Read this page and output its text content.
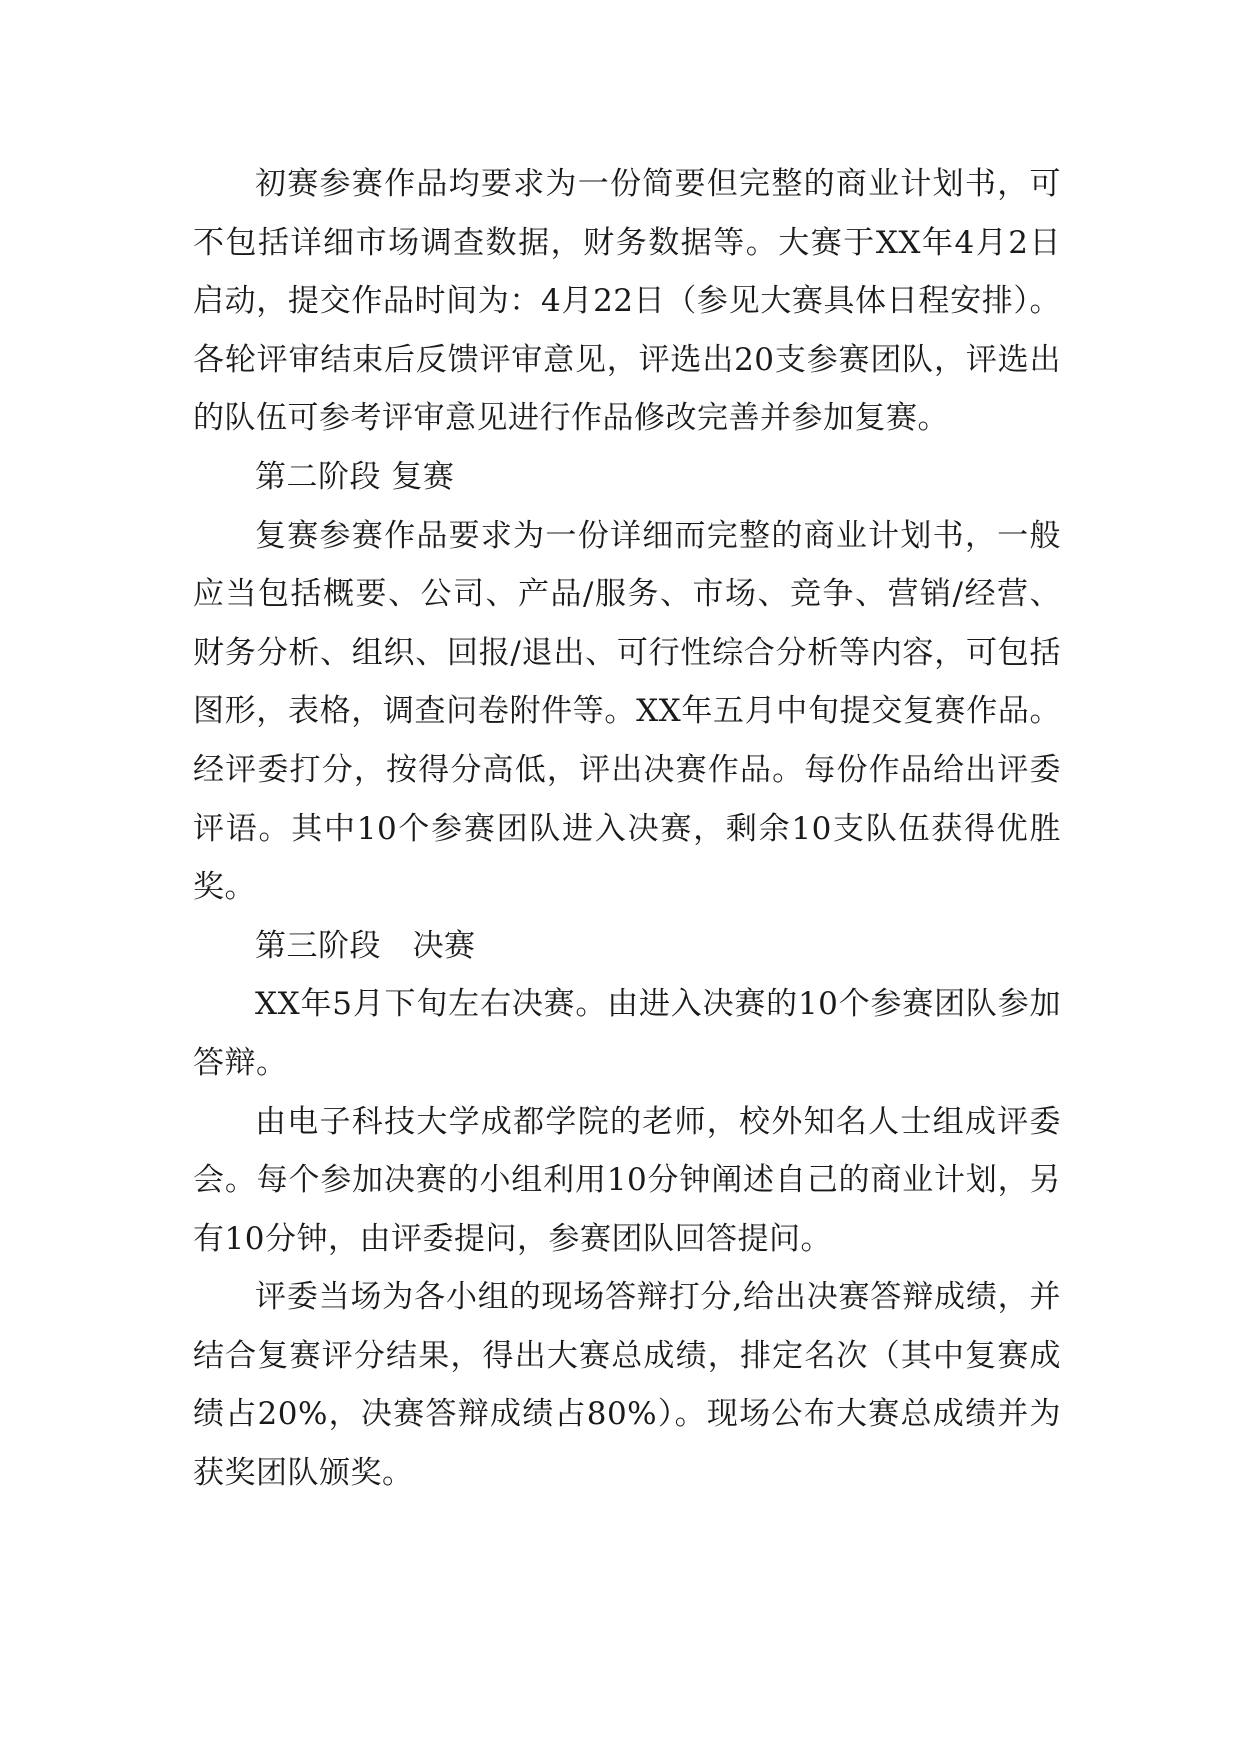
初赛参赛作品均要求为一份简要但完整的商业计划书，可不包括详细市场调查数据，财务数据等。大赛于XX年4月2日启动，提交作品时间为：4月22日（参见大赛具体日程安排）。各轮评审结束后反馈评审意见，评选出20支参赛团队，评选出的队伍可参考评审意见进行作品修改完善并参加复赛。

第二阶段 复赛

复赛参赛作品要求为一份详细而完整的商业计划书，一般应当包括概要、公司、产品/服务、市场、竞争、营销/经营、财务分析、组织、回报/退出、可行性综合分析等内容，可包括图形，表格，调查问卷附件等。XX年五月中旬提交复赛作品。经评委打分，按得分高低，评出决赛作品。每份作品给出评委评语。其中10个参赛团队进入决赛，剩余10支队伍获得优胜奖。

第三阶段　决赛

XX年5月下旬左右决赛。由进入决赛的10个参赛团队参加答辩。

由电子科技大学成都学院的老师，校外知名人士组成评委会。每个参加决赛的小组利用10分钟阐述自己的商业计划，另有10分钟，由评委提问，参赛团队回答提问。

评委当场为各小组的现场答辩打分,给出决赛答辩成绩，并结合复赛评分结果，得出大赛总成绩，排定名次（其中复赛成绩占20%，决赛答辩成绩占80%）。现场公布大赛总成绩并为获奖团队颁奖。
